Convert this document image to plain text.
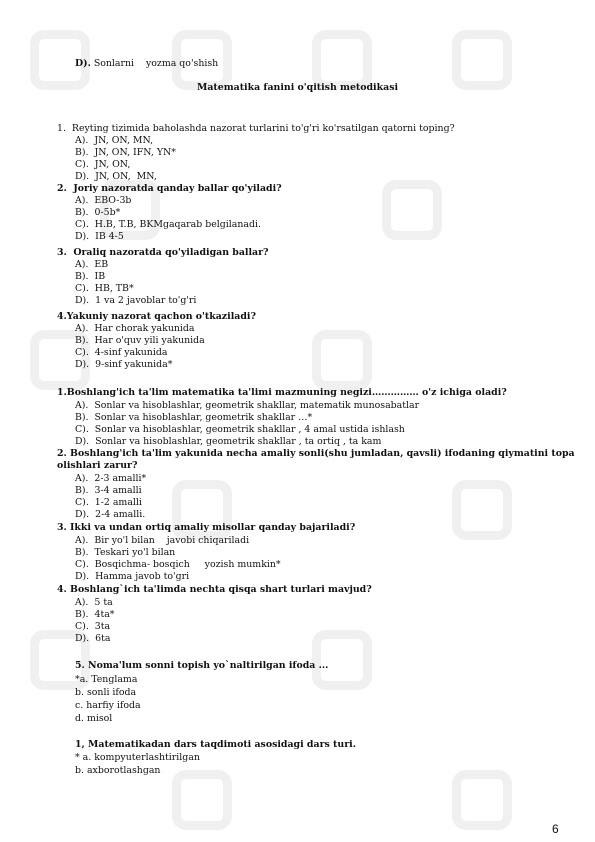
D). Sonlarni    yozma qo'shish
Matematika fanini o'qitish metodikasi
1.  Reyting tizimida baholashda nazorat turlarini to'g'ri ko'rsatilgan qatorni toping?
A).  JN, ON, MN,
B).  JN, ON, IFN, YN*
C).  JN, ON,
D).  JN, ON,  MN,
2.  Joriy nazoratda qanday ballar qo'yiladi?
A).  EBO-3b
B).  0-5b*
C).  H.B, T.B, BKMgaqarab belgilanadi.
D).  IB 4-5
3.  Oraliq nazoratda qo'yiladigan ballar?
A).  EB
B).  IB
C).  HB, TB*
D).  1 va 2 javoblar to'g'ri
4.Yakuniy nazorat qachon o'tkaziladi?
A).  Har chorak yakunida
B).  Har o'quv yili yakunida
C).  4-sinf yakunida
D).  9-sinf yakunida*
1.Boshlang'ich ta'lim matematika ta'limi mazmuning negizi…………… o'z ichiga oladi?
A).  Sonlar va hisoblashlar, geometrik shakllar, matematik munosabatlar
B).  Sonlar va hisoblashlar, geometrik shakllar …*
C).  Sonlar va hisoblashlar, geometrik shakllar , 4 amal ustida ishlash
D).  Sonlar va hisoblashlar, geometrik shakllar , ta ortiq , ta kam
2. Boshlang'ich ta'lim yakunida necha amaliy sonli(shu jumladan, qavsli) ifodaning qiymatini topa
olishlari zarur?
A).  2-3 amalli*
B).  3-4 amalli
C).  1-2 amalli
D).  2-4 amalli.
3. Ikki va undan ortiq amaliy misollar qanday bajariladi?
A).  Bir yo'l bilan    javobi chiqariladi
B).  Teskari yo'l bilan
C).  Bosqichma- bosqich     yozish mumkin*
D).  Hamma javob to'gri
4. Boshlang`ich ta'limda nechta qisqa shart turlari mavjud?
A).  5 ta
B).  4ta*
C).  3ta
D).  6ta
5. Noma'lum sonni topish yo`naltirilgan ifoda ...
*a. Tenglama
b. sonli ifoda
c. harfiy ifoda
d. misol
1, Matematikadan dars taqdimoti asosidagi dars turi.
* a. kompyuterlashtirilgan
b. axborotlashgan
6
